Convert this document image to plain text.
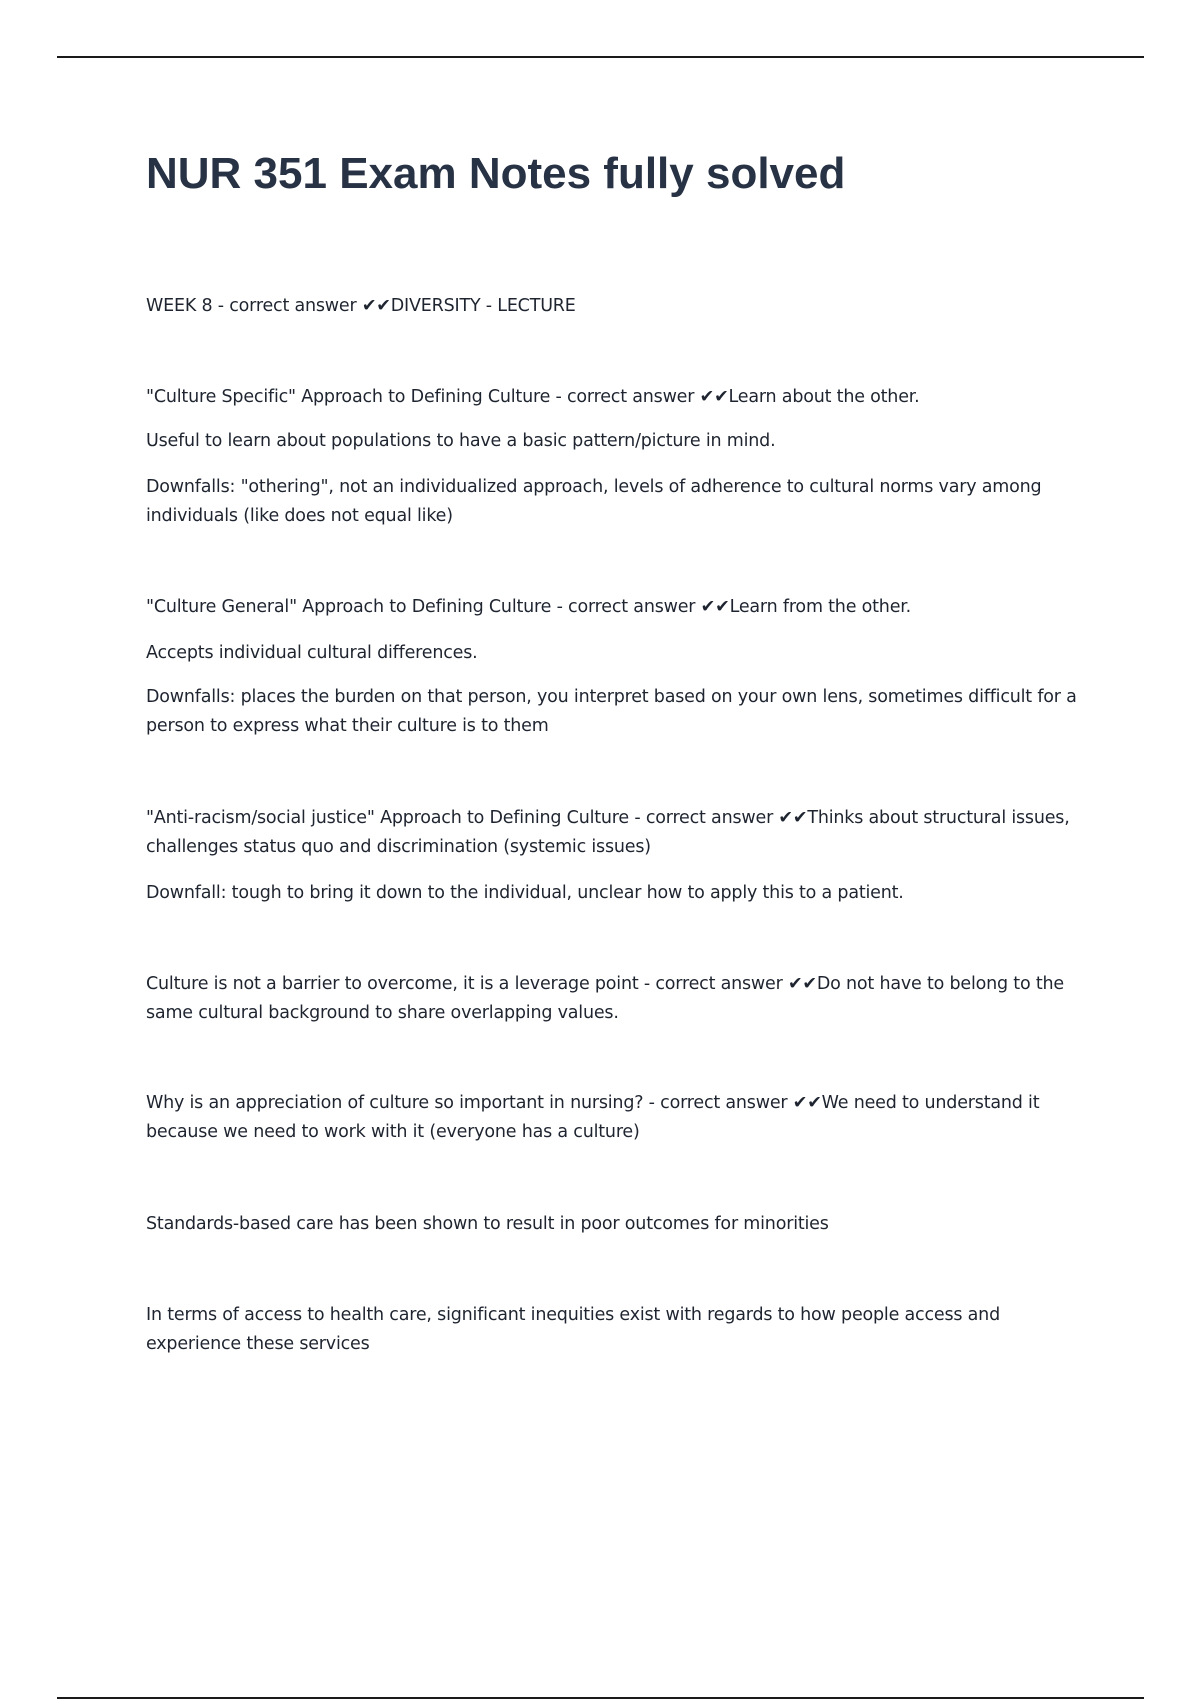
NUR 351 Exam Notes fully solved

WEEK 8 - correct answer ✔✔DIVERSITY - LECTURE

"Culture Specific" Approach to Defining Culture - correct answer ✔✔Learn about the other.

Useful to learn about populations to have a basic pattern/picture in mind.

Downfalls: "othering", not an individualized approach, levels of adherence to cultural norms vary among individuals (like does not equal like)

"Culture General" Approach to Defining Culture - correct answer ✔✔Learn from the other.

Accepts individual cultural differences.

Downfalls: places the burden on that person, you interpret based on your own lens, sometimes difficult for a person to express what their culture is to them

"Anti-racism/social justice" Approach to Defining Culture - correct answer ✔✔Thinks about structural issues, challenges status quo and discrimination (systemic issues)

Downfall: tough to bring it down to the individual, unclear how to apply this to a patient.

Culture is not a barrier to overcome, it is a leverage point - correct answer ✔✔Do not have to belong to the same cultural background to share overlapping values.

Why is an appreciation of culture so important in nursing? - correct answer ✔✔We need to understand it because we need to work with it (everyone has a culture)

Standards-based care has been shown to result in poor outcomes for minorities

In terms of access to health care, significant inequities exist with regards to how people access and experience these services
